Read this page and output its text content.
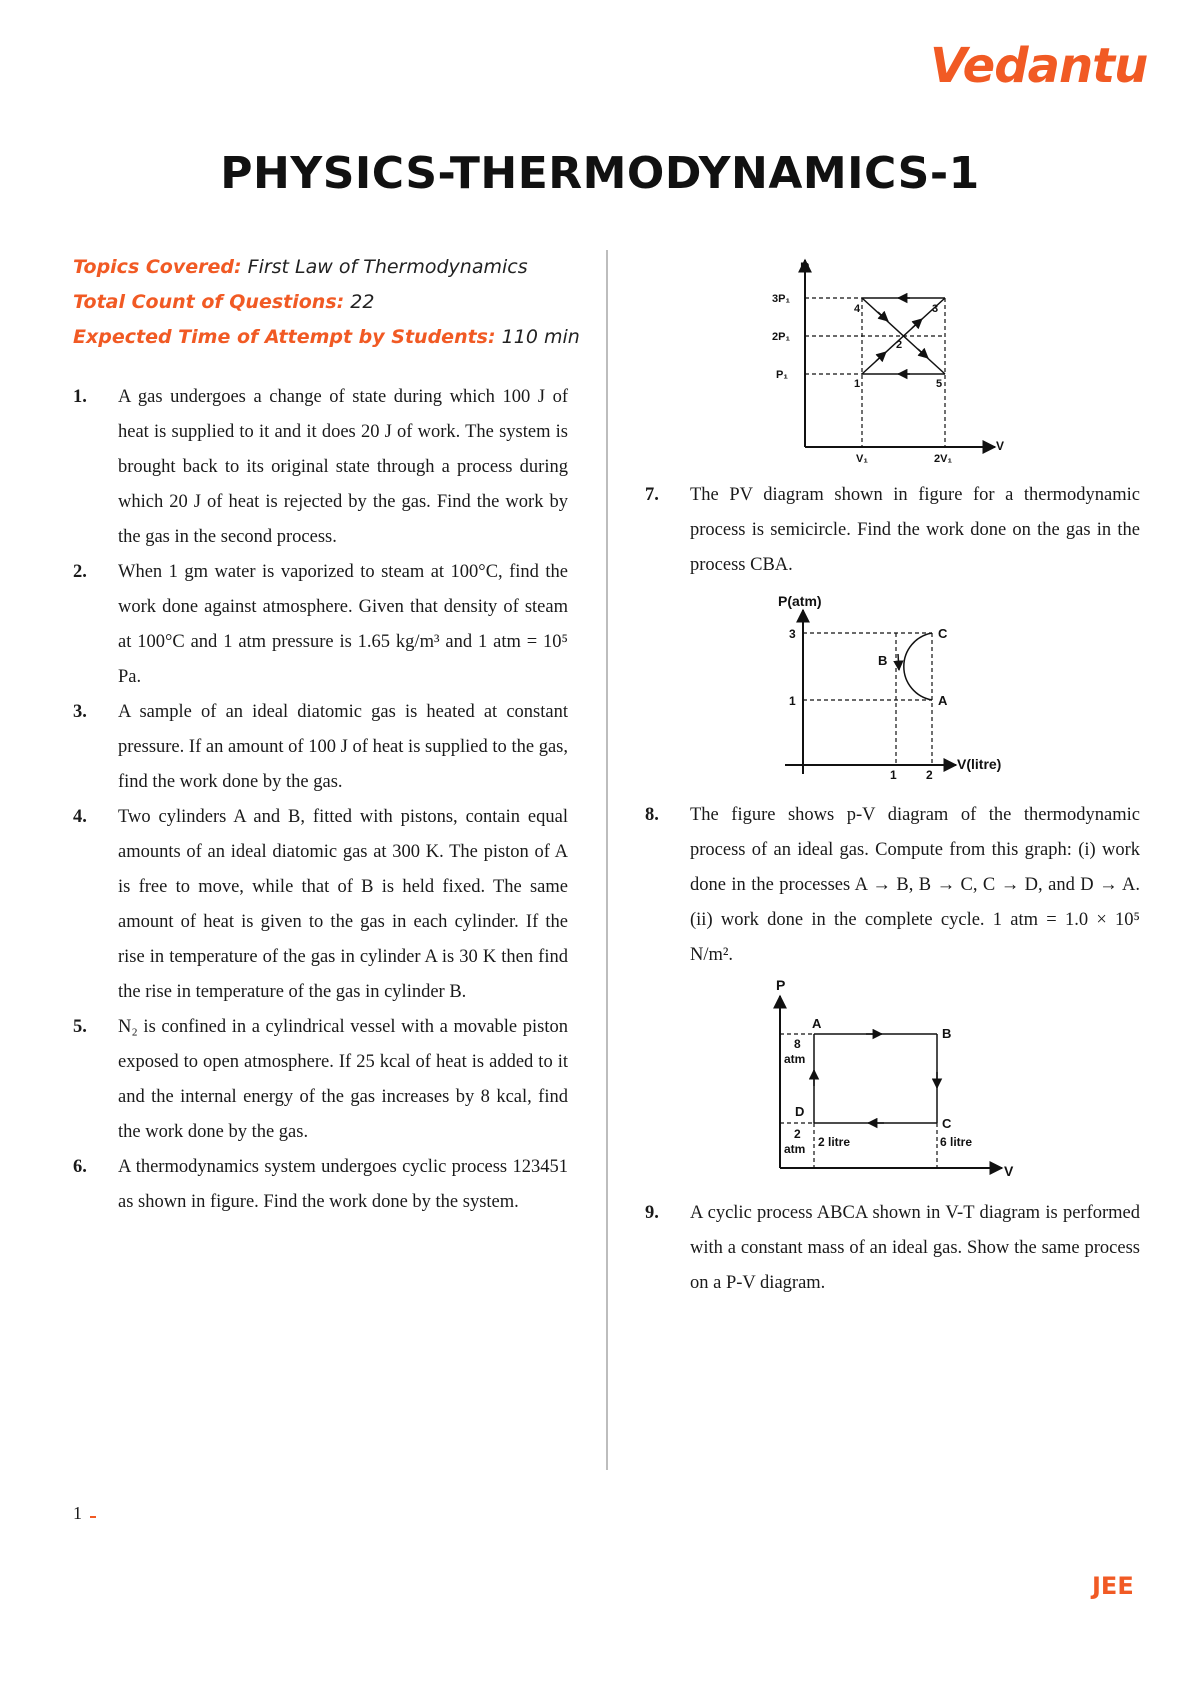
Vedantu
PHYSICS-THERMODYNAMICS-1
Topics Covered: First Law of Thermodynamics
Total Count of Questions: 22
Expected Time of Attempt by Students: 110 min
1. A gas undergoes a change of state during which 100 J of heat is supplied to it and it does 20 J of work. The system is brought back to its original state through a process during which 20 J of heat is rejected by the gas. Find the work by the gas in the second process.
2. When 1 gm water is vaporized to steam at 100°C, find the work done against atmosphere. Given that density of steam at 100°C and 1 atm pressure is 1.65 kg/m³ and 1 atm = 10⁵ Pa.
3. A sample of an ideal diatomic gas is heated at constant pressure. If an amount of 100 J of heat is supplied to the gas, find the work done by the gas.
4. Two cylinders A and B, fitted with pistons, contain equal amounts of an ideal diatomic gas at 300 K. The piston of A is free to move, while that of B is held fixed. The same amount of heat is given to the gas in each cylinder. If the rise in temperature of the gas in cylinder A is 30 K then find the rise in temperature of the gas in cylinder B.
5. N₂ is confined in a cylindrical vessel with a movable piston exposed to open atmosphere. If 25 kcal of heat is added to it and the internal energy of the gas increases by 8 kcal, find the work done by the gas.
6. A thermodynamics system undergoes cyclic process 123451 as shown in figure. Find the work done by the system.
P
3P₁
2P₁
P₁
V₁	2V₁
V
1
2
3
4
5
7. The PV diagram shown in figure for a thermodynamic process is semicircle. Find the work done on the gas in the process CBA.
P(atm)
3
1
1 2
V(litre)
C
B
A
8. The figure shows p-V diagram of the thermodynamic process of an ideal gas. Compute from this graph: (i) work done in the processes A → B, B → C, C → D, and D → A. (ii) work done in the complete cycle. 1 atm = 1.0 × 10⁵ N/m².
P
V
A
B
C
D
8
atm
2
atm 2 litre	6 litre
9. A cyclic process ABCA shown in V-T diagram is performed with a constant mass of an ideal gas. Show the same process on a P-V diagram.
1
JEE
